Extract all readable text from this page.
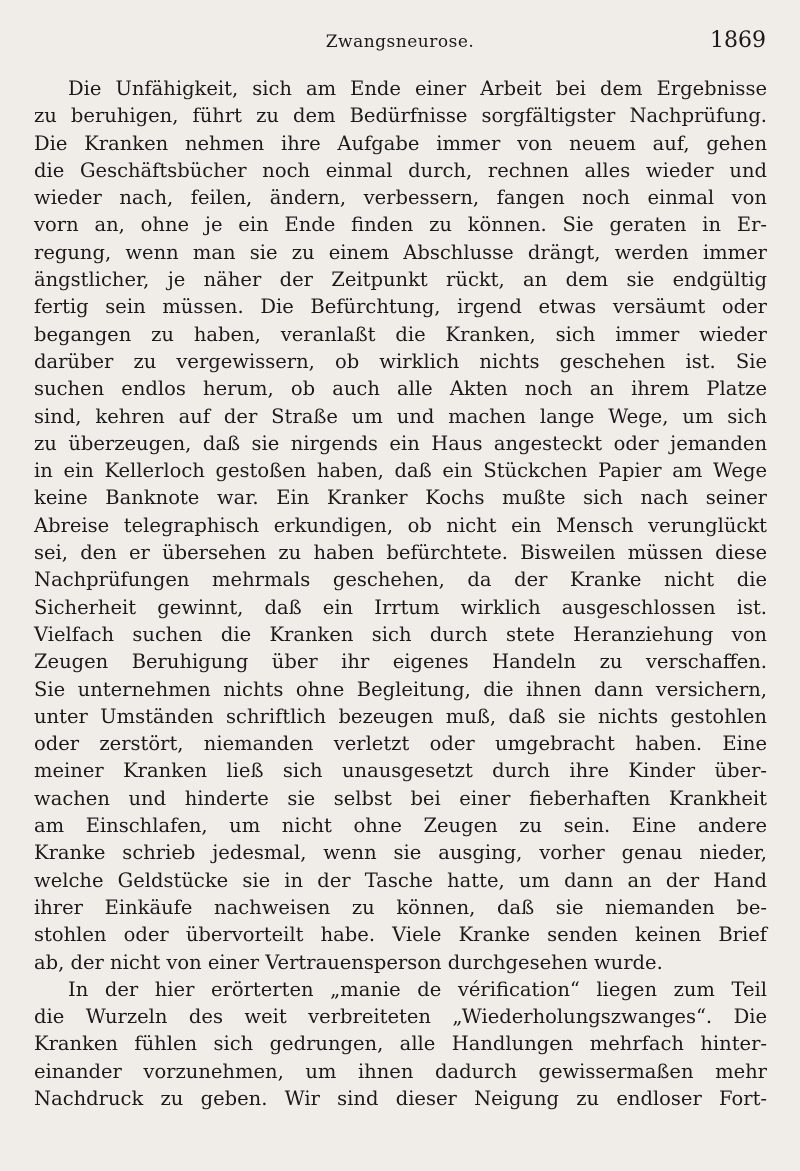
Zwangsneurose.	1869
Die Unfähigkeit, sich am Ende einer Arbeit bei dem Ergebnisse
zu beruhigen, führt zu dem Bedürfnisse sorgfältigster Nachprüfung.
Die Kranken nehmen ihre Aufgabe immer von neuem auf, gehen
die Geschäftsbücher noch einmal durch, rechnen alles wieder und
wieder nach, feilen, ändern, verbessern, fangen noch einmal von
vorn an, ohne je ein Ende finden zu können. Sie geraten in Er-
regung, wenn man sie zu einem Abschlusse drängt, werden immer
ängstlicher, je näher der Zeitpunkt rückt, an dem sie endgültig
fertig sein müssen. Die Befürchtung, irgend etwas versäumt oder
begangen zu haben, veranlaßt die Kranken, sich immer wieder
darüber zu vergewissern, ob wirklich nichts geschehen ist. Sie
suchen endlos herum, ob auch alle Akten noch an ihrem Platze
sind, kehren auf der Straße um und machen lange Wege, um sich
zu überzeugen, daß sie nirgends ein Haus angesteckt oder jemanden
in ein Kellerloch gestoßen haben, daß ein Stückchen Papier am Wege
keine Banknote war. Ein Kranker Kochs mußte sich nach seiner
Abreise telegraphisch erkundigen, ob nicht ein Mensch verunglückt
sei, den er übersehen zu haben befürchtete. Bisweilen müssen diese
Nachprüfungen mehrmals geschehen, da der Kranke nicht die
Sicherheit gewinnt, daß ein Irrtum wirklich ausgeschlossen ist.
Vielfach suchen die Kranken sich durch stete Heranziehung von
Zeugen Beruhigung über ihr eigenes Handeln zu verschaffen.
Sie unternehmen nichts ohne Begleitung, die ihnen dann versichern,
unter Umständen schriftlich bezeugen muß, daß sie nichts gestohlen
oder zerstört, niemanden verletzt oder umgebracht haben. Eine
meiner Kranken ließ sich unausgesetzt durch ihre Kinder über-
wachen und hinderte sie selbst bei einer fieberhaften Krankheit
am Einschlafen, um nicht ohne Zeugen zu sein. Eine andere
Kranke schrieb jedesmal, wenn sie ausging, vorher genau nieder,
welche Geldstücke sie in der Tasche hatte, um dann an der Hand
ihrer Einkäufe nachweisen zu können, daß sie niemanden be-
stohlen oder übervorteilt habe. Viele Kranke senden keinen Brief
ab, der nicht von einer Vertrauensperson durchgesehen wurde.
In der hier erörterten „manie de vérification“ liegen zum Teil
die Wurzeln des weit verbreiteten „Wiederholungszwanges“. Die
Kranken fühlen sich gedrungen, alle Handlungen mehrfach hinter-
einander vorzunehmen, um ihnen dadurch gewissermaßen mehr
Nachdruck zu geben. Wir sind dieser Neigung zu endloser Fort-
